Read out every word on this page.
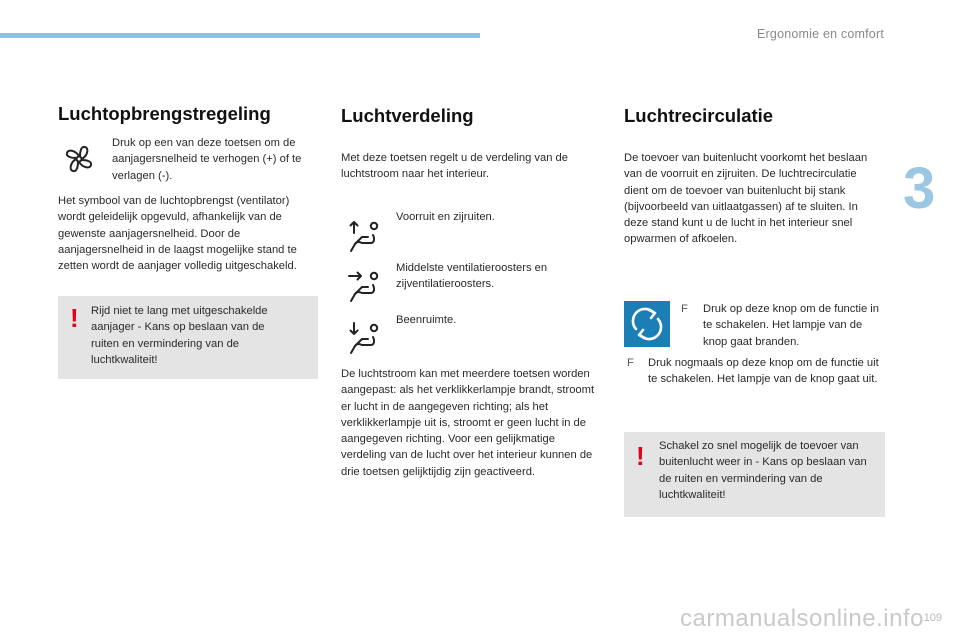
Ergonomie en comfort
3
Luchtopbrengstregeling

Druk op een van deze toetsen om de aanjagersnelheid te verhogen (+) of te verlagen (-).

Het symbool van de luchtopbrengst (ventilator) wordt geleidelijk opgevuld, afhankelijk van de gewenste aanjagersnelheid. Door de aanjagersnelheid in de laagst mogelijke stand te zetten wordt de aanjager volledig uitgeschakeld.

! Rijd niet te lang met uitgeschakelde aanjager - Kans op beslaan van de ruiten en vermindering van de luchtkwaliteit!
Luchtverdeling

Met deze toetsen regelt u de verdeling van de luchtstroom naar het interieur.

Voorruit en zijruiten.
Middelste ventilatieroosters en zijventilatieroosters.
Beenruimte.

De luchtstroom kan met meerdere toetsen worden aangepast: als het verklikkerlampje brandt, stroomt er lucht in de aangegeven richting; als het verklikkerlampje uit is, stroomt er geen lucht in de aangegeven richting. Voor een gelijkmatige verdeling van de lucht over het interieur kunnen de drie toetsen gelijktijdig zijn geactiveerd.

Luchtrecirculatie

De toevoer van buitenlucht voorkomt het beslaan van de voorruit en zijruiten. De luchtrecirculatie dient om de toevoer van buitenlucht bij stank (bijvoorbeeld van uitlaatgassen) af te sluiten. In deze stand kunt u de lucht in het interieur snel opwarmen of afkoelen.

F Druk op deze knop om de functie in te schakelen. Het lampje van de knop gaat branden.

F Druk nogmaals op deze knop om de functie uit te schakelen. Het lampje van de knop gaat uit.

! Schakel zo snel mogelijk de toevoer van buitenlucht weer in - Kans op beslaan van de ruiten en vermindering van de luchtkwaliteit!
109
carmanualsonline.info
